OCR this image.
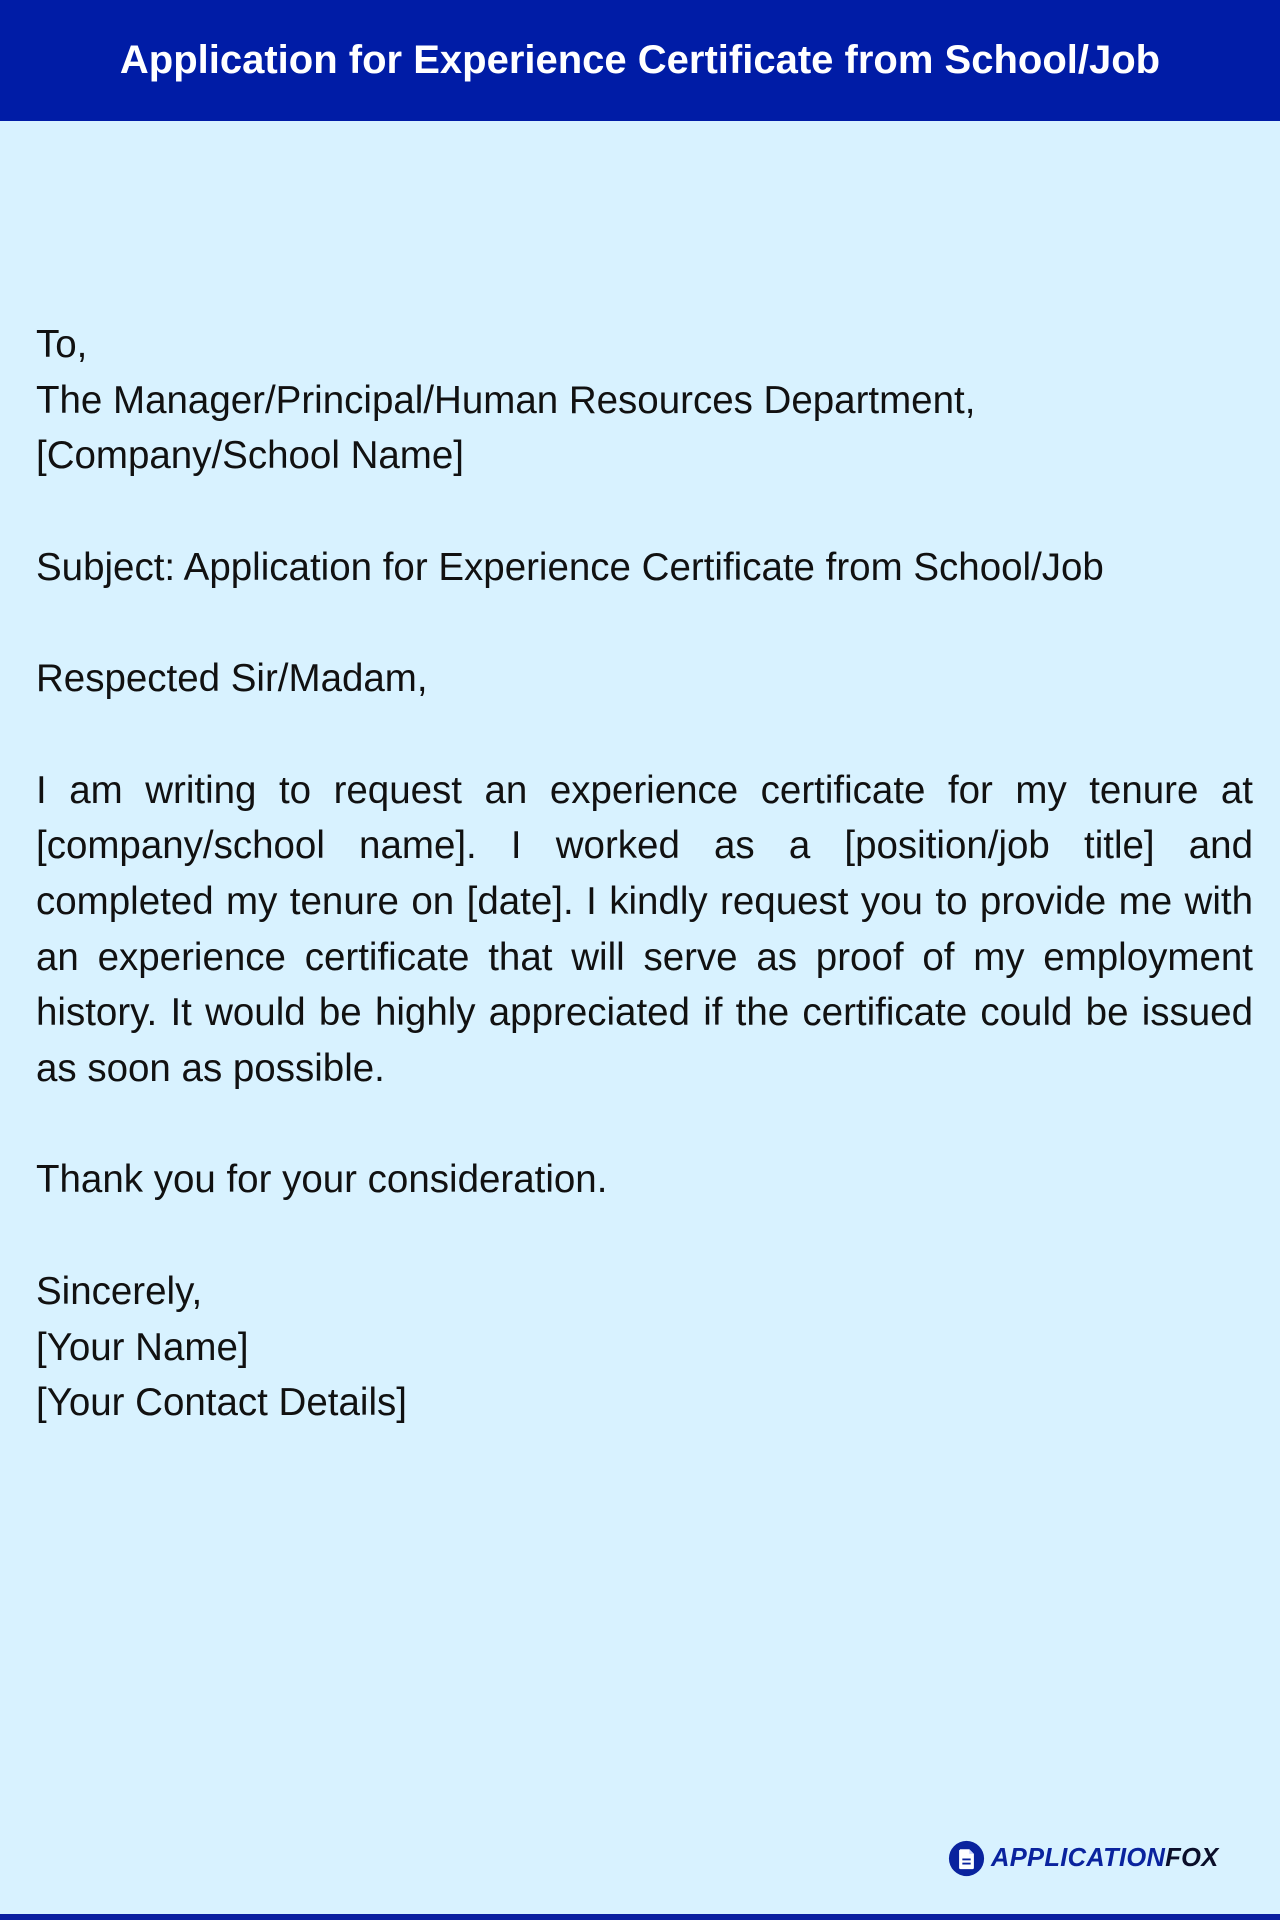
Application for Experience Certificate from School/Job
To,
The Manager/Principal/Human Resources Department,
[Company/School Name]
Subject: Application for Experience Certificate from School/Job
Respected Sir/Madam,
I am writing to request an experience certificate for my tenure at [company/school name]. I worked as a [position/job title] and completed my tenure on [date]. I kindly request you to provide me with an experience certificate that will serve as proof of my employment history. It would be highly appreciated if the certificate could be issued as soon as possible.
Thank you for your consideration.
Sincerely,
[Your Name]
[Your Contact Details]
APPLICATIONFOX
